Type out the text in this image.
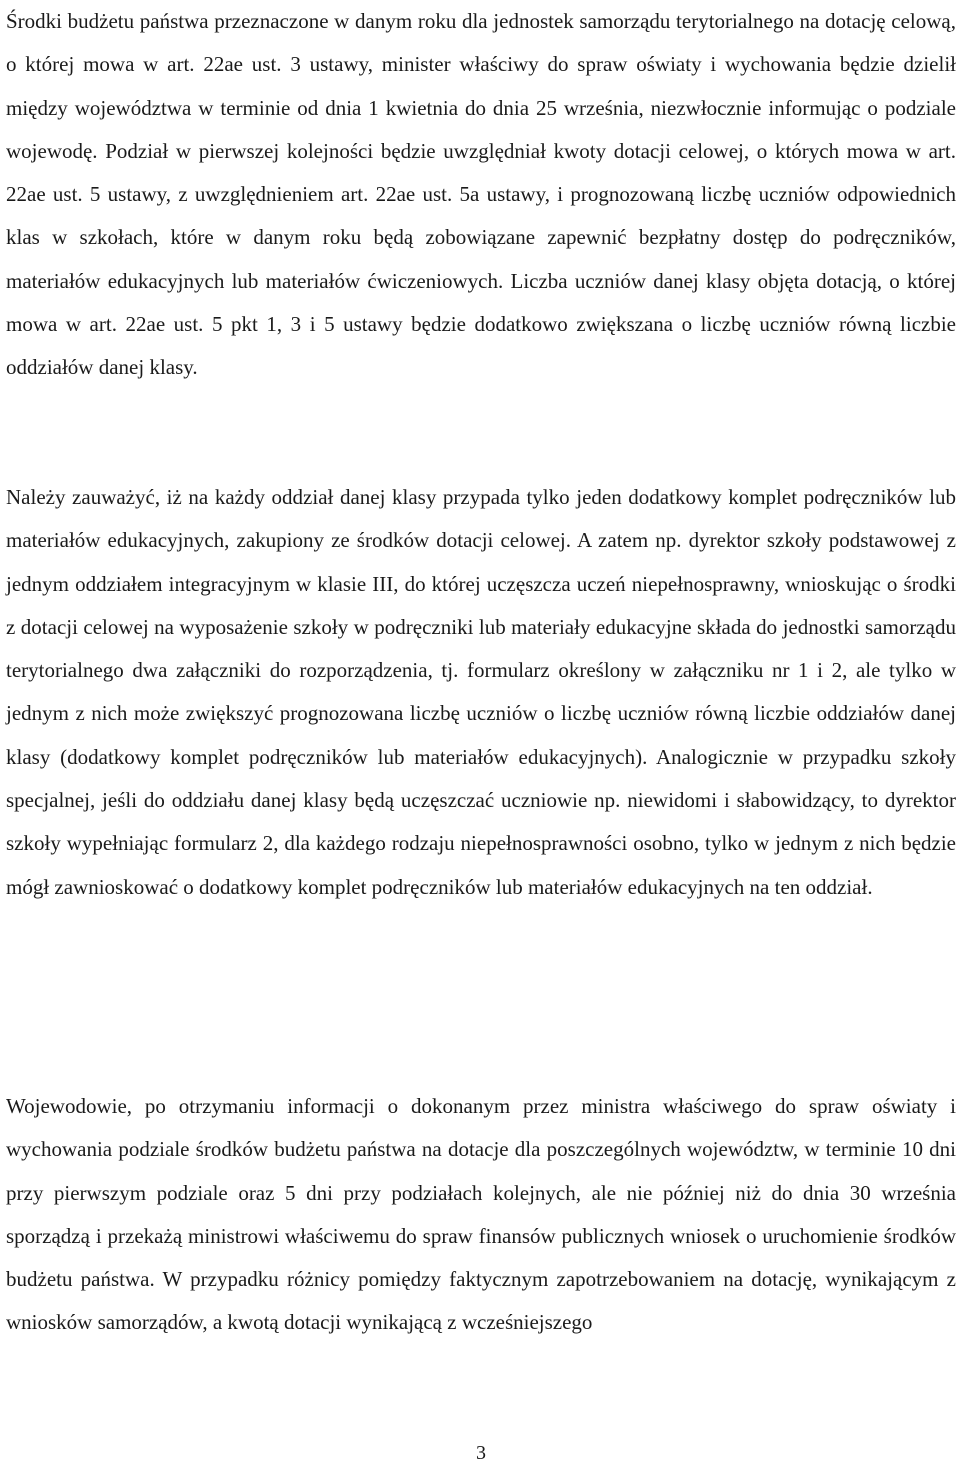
Środki budżetu państwa przeznaczone w danym roku dla jednostek samorządu terytorialnego na dotację celową, o której mowa w art. 22ae ust. 3 ustawy, minister właściwy do spraw oświaty i wychowania będzie dzielił między województwa w terminie od dnia 1 kwietnia do dnia 25 września, niezwłocznie informując o podziale wojewodę. Podział w pierwszej kolejności będzie uwzględniał kwoty dotacji celowej, o których mowa w art. 22ae ust. 5 ustawy, z uwzględnieniem art. 22ae ust. 5a ustawy, i prognozowaną liczbę uczniów odpowiednich klas w szkołach, które w danym roku będą zobowiązane zapewnić bezpłatny dostęp do podręczników, materiałów edukacyjnych lub materiałów ćwiczeniowych. Liczba uczniów danej klasy objęta dotacją, o której mowa w art. 22ae ust. 5 pkt 1, 3 i 5 ustawy będzie dodatkowo zwiększana o liczbę uczniów równą liczbie oddziałów danej klasy.

Należy zauważyć, iż na każdy oddział danej klasy przypada tylko jeden dodatkowy komplet podręczników lub materiałów edukacyjnych, zakupiony ze środków dotacji celowej. A zatem np. dyrektor szkoły podstawowej z jednym oddziałem integracyjnym w klasie III, do której uczęszcza uczeń niepełnosprawny, wnioskując o środki z dotacji celowej na wyposażenie szkoły w podręczniki lub materiały edukacyjne składa do jednostki samorządu terytorialnego dwa załączniki do rozporządzenia, tj. formularz określony w załączniku nr 1 i 2, ale tylko w jednym z nich może zwiększyć prognozowana liczbę uczniów o liczbę uczniów równą liczbie oddziałów danej klasy (dodatkowy komplet podręczników lub materiałów edukacyjnych). Analogicznie w przypadku szkoły specjalnej, jeśli do oddziału danej klasy będą uczęszczać uczniowie np. niewidomi i słabowidzący, to dyrektor szkoły wypełniając formularz 2, dla każdego rodzaju niepełnosprawności osobno, tylko w jednym z nich będzie mógł zawnioskować o dodatkowy komplet podręczników lub materiałów edukacyjnych na ten oddział.

Wojewodowie, po otrzymaniu informacji o dokonanym przez ministra właściwego do spraw oświaty i wychowania podziale środków budżetu państwa na dotacje dla poszczególnych województw, w terminie 10 dni przy pierwszym podziale oraz 5 dni przy podziałach kolejnych, ale nie później niż do dnia 30 września sporządzą i przekażą ministrowi właściwemu do spraw finansów publicznych wniosek o uruchomienie środków budżetu państwa. W przypadku różnicy pomiędzy faktycznym zapotrzebowaniem na dotację, wynikającym z wniosków samorządów, a kwotą dotacji wynikającą z wcześniejszego

3
